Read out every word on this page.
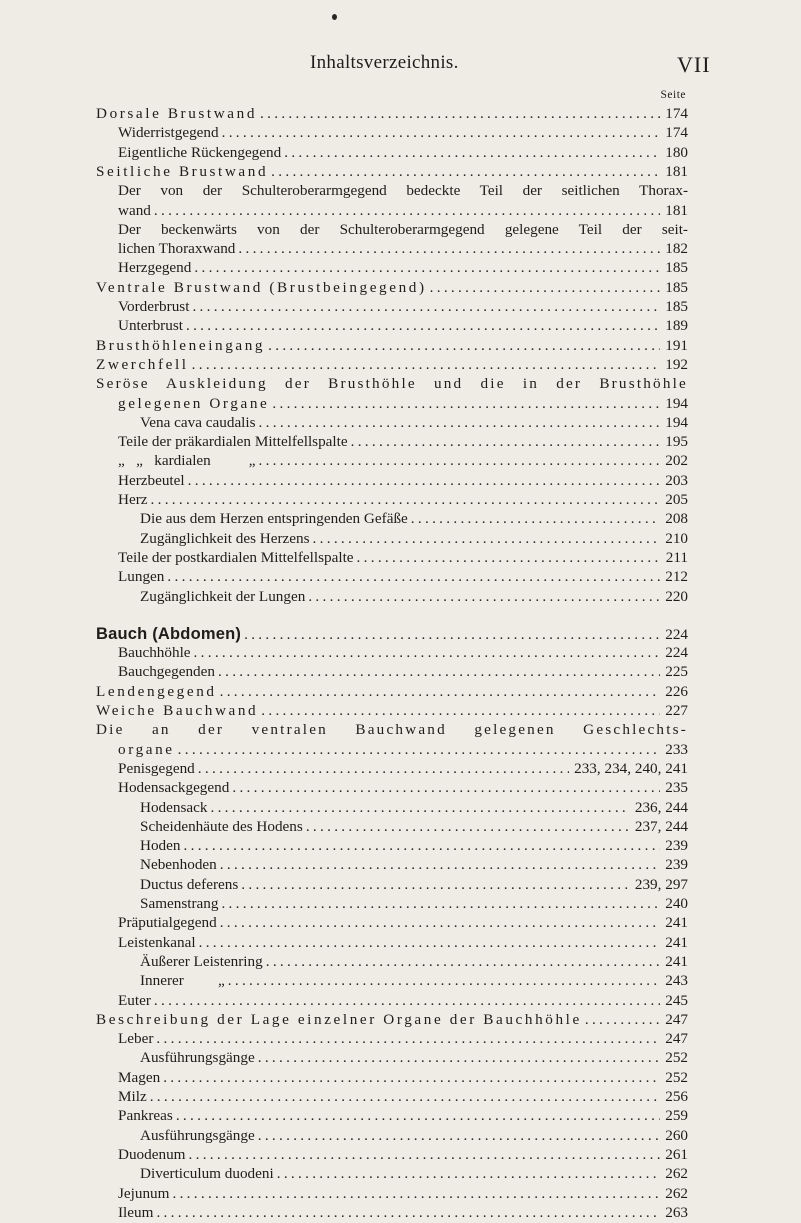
Inhaltsverzeichnis.	VII
Seite
Dorsale Brustwand . . .	174
Widerristgegend . . .	174
Eigentliche Rückengegend . . .	180
Seitliche Brustwand . . .	181
Der von der Schulteroberarmgegend bedeckte Teil der seitlichen Thorax-
wand . . .	181
Der beckenwärts von der Schulteroberarmgegend gelegene Teil der seit-
lichen Thoraxwand . . .	182
Herzgegend . . .	185
Ventrale Brustwand (Brustbeingegend) . . .	185
Vorderbrust . . .	185
Unterbrust . . .	189
Brusthöhleneingang . . .	191
Zwerchfell . . .	192
Seröse Auskleidung der Brusthöhle und die in der Brusthöhle
gelegenen Organe . . .	194
Vena cava caudalis . . .	194
Teile der präkardialen Mittelfellspalte . . .	195
„   „   kardialen          „ . . .	202
Herzbeutel . . .	203
Herz . . .	205
Die aus dem Herzen entspringenden Gefäße . . .	208
Zugänglichkeit des Herzens . . .	210
Teile der postkardialen Mittelfellspalte . . .	211
Lungen . . .	212
Zugänglichkeit der Lungen . . .	220
Bauch (Abdomen) . . .	224
Bauchhöhle . . .	224
Bauchgegenden . . .	225
Lendengegend . . .	226
Weiche Bauchwand . . .	227
Die an der ventralen Bauchwand gelegenen Geschlechts-
organe . . .	233
Penisgegend . . .	233, 234, 240, 241
Hodensackgegend . . .	235
Hodensack . . .	236, 244
Scheidenhäute des Hodens . . .	237, 244
Hoden . . .	239
Nebenhoden . . .	239
Ductus deferens . . .	239, 297
Samenstrang . . .	240
Präputialgegend . . .	241
Leistenkanal . . .	241
Äußerer Leistenring . . .	241
Innerer         „ . . .	243
Euter . . .	245
Beschreibung der Lage einzelner Organe der Bauchhöhle . . .	247
Leber . . .	247
Ausführungsgänge . . .	252
Magen . . .	252
Milz . . .	256
Pankreas . . .	259
Ausführungsgänge . . .	260
Duodenum . . .	261
Diverticulum duodeni . . .	262
Jejunum . . .	262
Ileum . . .	263
